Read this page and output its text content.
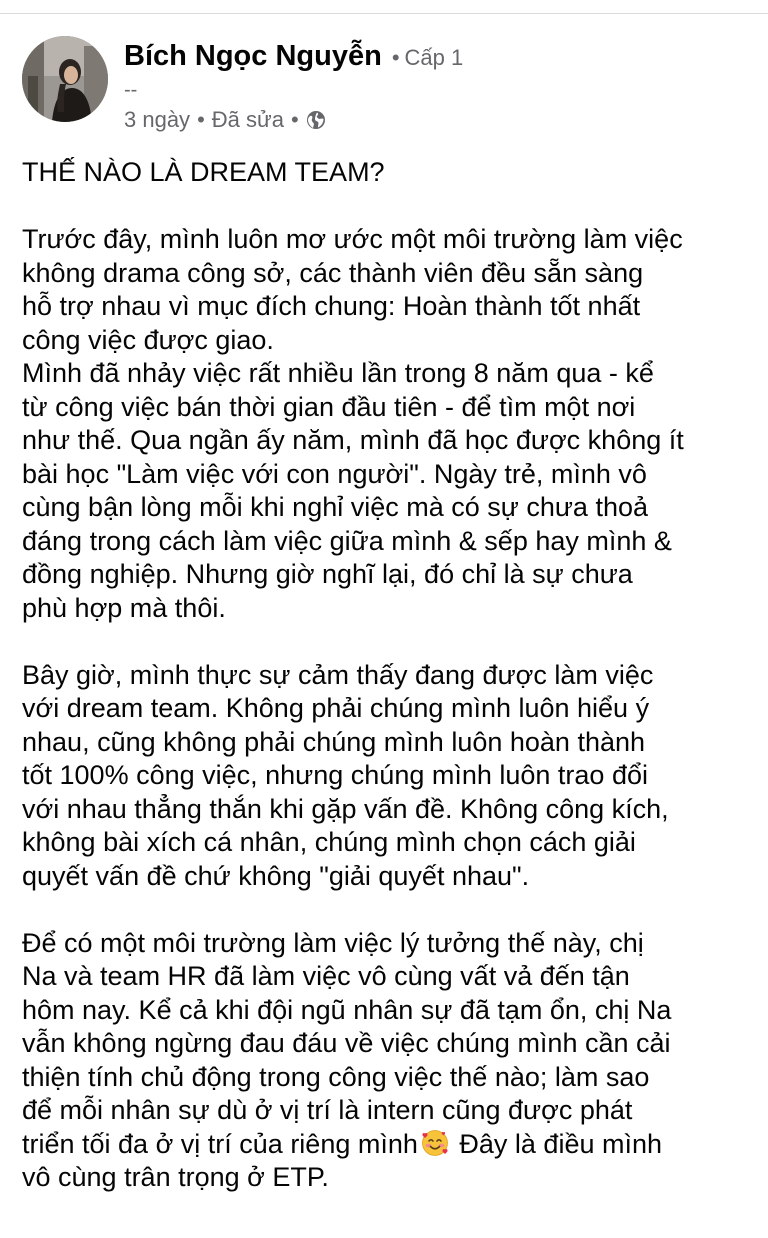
Bích Ngọc Nguyễn • Cấp 1
--
3 ngày • Đã sửa •
THẾ NÀO LÀ DREAM TEAM?
Trước đây, mình luôn mơ ước một môi trường làm việc
không drama công sở, các thành viên đều sẵn sàng
hỗ trợ nhau vì mục đích chung: Hoàn thành tốt nhất
công việc được giao.
Mình đã nhảy việc rất nhiều lần trong 8 năm qua - kể
từ công việc bán thời gian đầu tiên - để tìm một nơi
như thế. Qua ngần ấy năm, mình đã học được không ít
bài học "Làm việc với con người". Ngày trẻ, mình vô
cùng bận lòng mỗi khi nghỉ việc mà có sự chưa thoả
đáng trong cách làm việc giữa mình & sếp hay mình &
đồng nghiệp. Nhưng giờ nghĩ lại, đó chỉ là sự chưa
phù hợp mà thôi.
Bây giờ, mình thực sự cảm thấy đang được làm việc
với dream team. Không phải chúng mình luôn hiểu ý
nhau, cũng không phải chúng mình luôn hoàn thành
tốt 100% công việc, nhưng chúng mình luôn trao đổi
với nhau thẳng thắn khi gặp vấn đề. Không công kích,
không bài xích cá nhân, chúng mình chọn cách giải
quyết vấn đề chứ không "giải quyết nhau".
Để có một môi trường làm việc lý tưởng thế này, chị
Na và team HR đã làm việc vô cùng vất vả đến tận
hôm nay. Kể cả khi đội ngũ nhân sự đã tạm ổn, chị Na
vẫn không ngừng đau đáu về việc chúng mình cần cải
thiện tính chủ động trong công việc thế nào; làm sao
để mỗi nhân sự dù ở vị trí là intern cũng được phát
triển tối đa ở vị trí của riêng mình Đây là điều mình
vô cùng trân trọng ở ETP.
